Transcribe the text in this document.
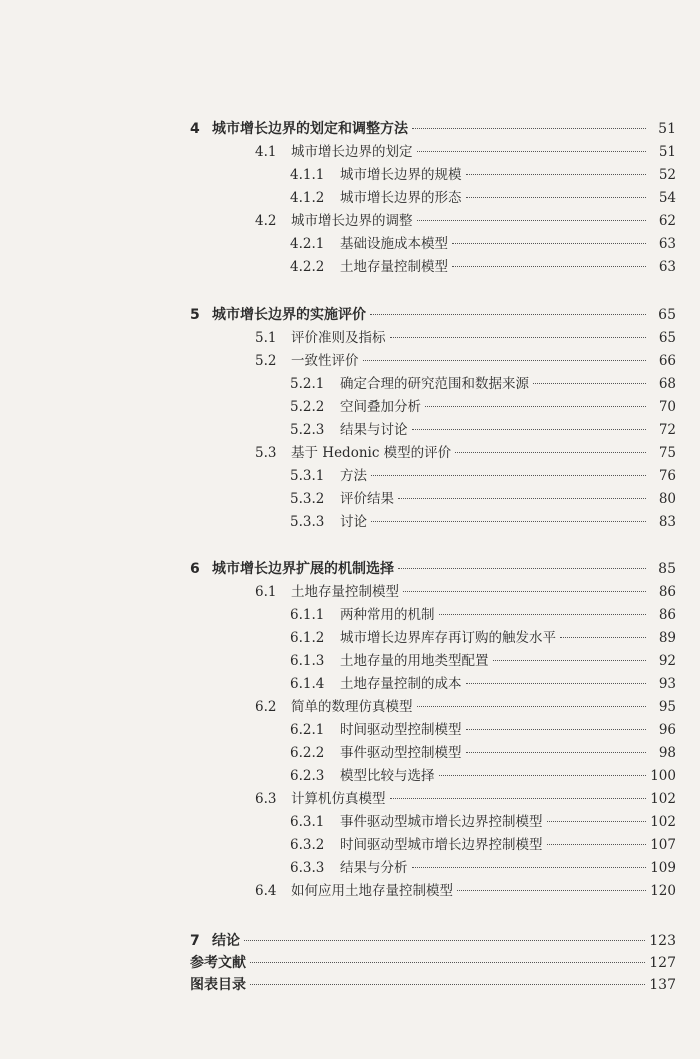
4 城市增长边界的划定和调整方法	51
4.1	城市增长边界的划定	51
4.1.1	城市增长边界的规模	52
4.1.2	城市增长边界的形态	54
4.2	城市增长边界的调整	62
4.2.1	基础设施成本模型	63
4.2.2	土地存量控制模型	63
5 城市增长边界的实施评价	65
5.1	评价准则及指标	65
5.2	一致性评价	66
5.2.1	确定合理的研究范围和数据来源	68
5.2.2	空间叠加分析	70
5.2.3	结果与讨论	72
5.3	基于 Hedonic 模型的评价	75
5.3.1	方法	76
5.3.2	评价结果	80
5.3.3	讨论	83
6 城市增长边界扩展的机制选择	85
6.1	土地存量控制模型	86
6.1.1	两种常用的机制	86
6.1.2	城市增长边界库存再订购的触发水平	89
6.1.3	土地存量的用地类型配置	92
6.1.4	土地存量控制的成本	93
6.2	简单的数理仿真模型	95
6.2.1	时间驱动型控制模型	96
6.2.2	事件驱动型控制模型	98
6.2.3	模型比较与选择	100
6.3	计算机仿真模型	102
6.3.1	事件驱动型城市增长边界控制模型	102
6.3.2	时间驱动型城市增长边界控制模型	107
6.3.3	结果与分析	109
6.4	如何应用土地存量控制模型	120
7 结论	123
参考文献	127
图表目录	137
